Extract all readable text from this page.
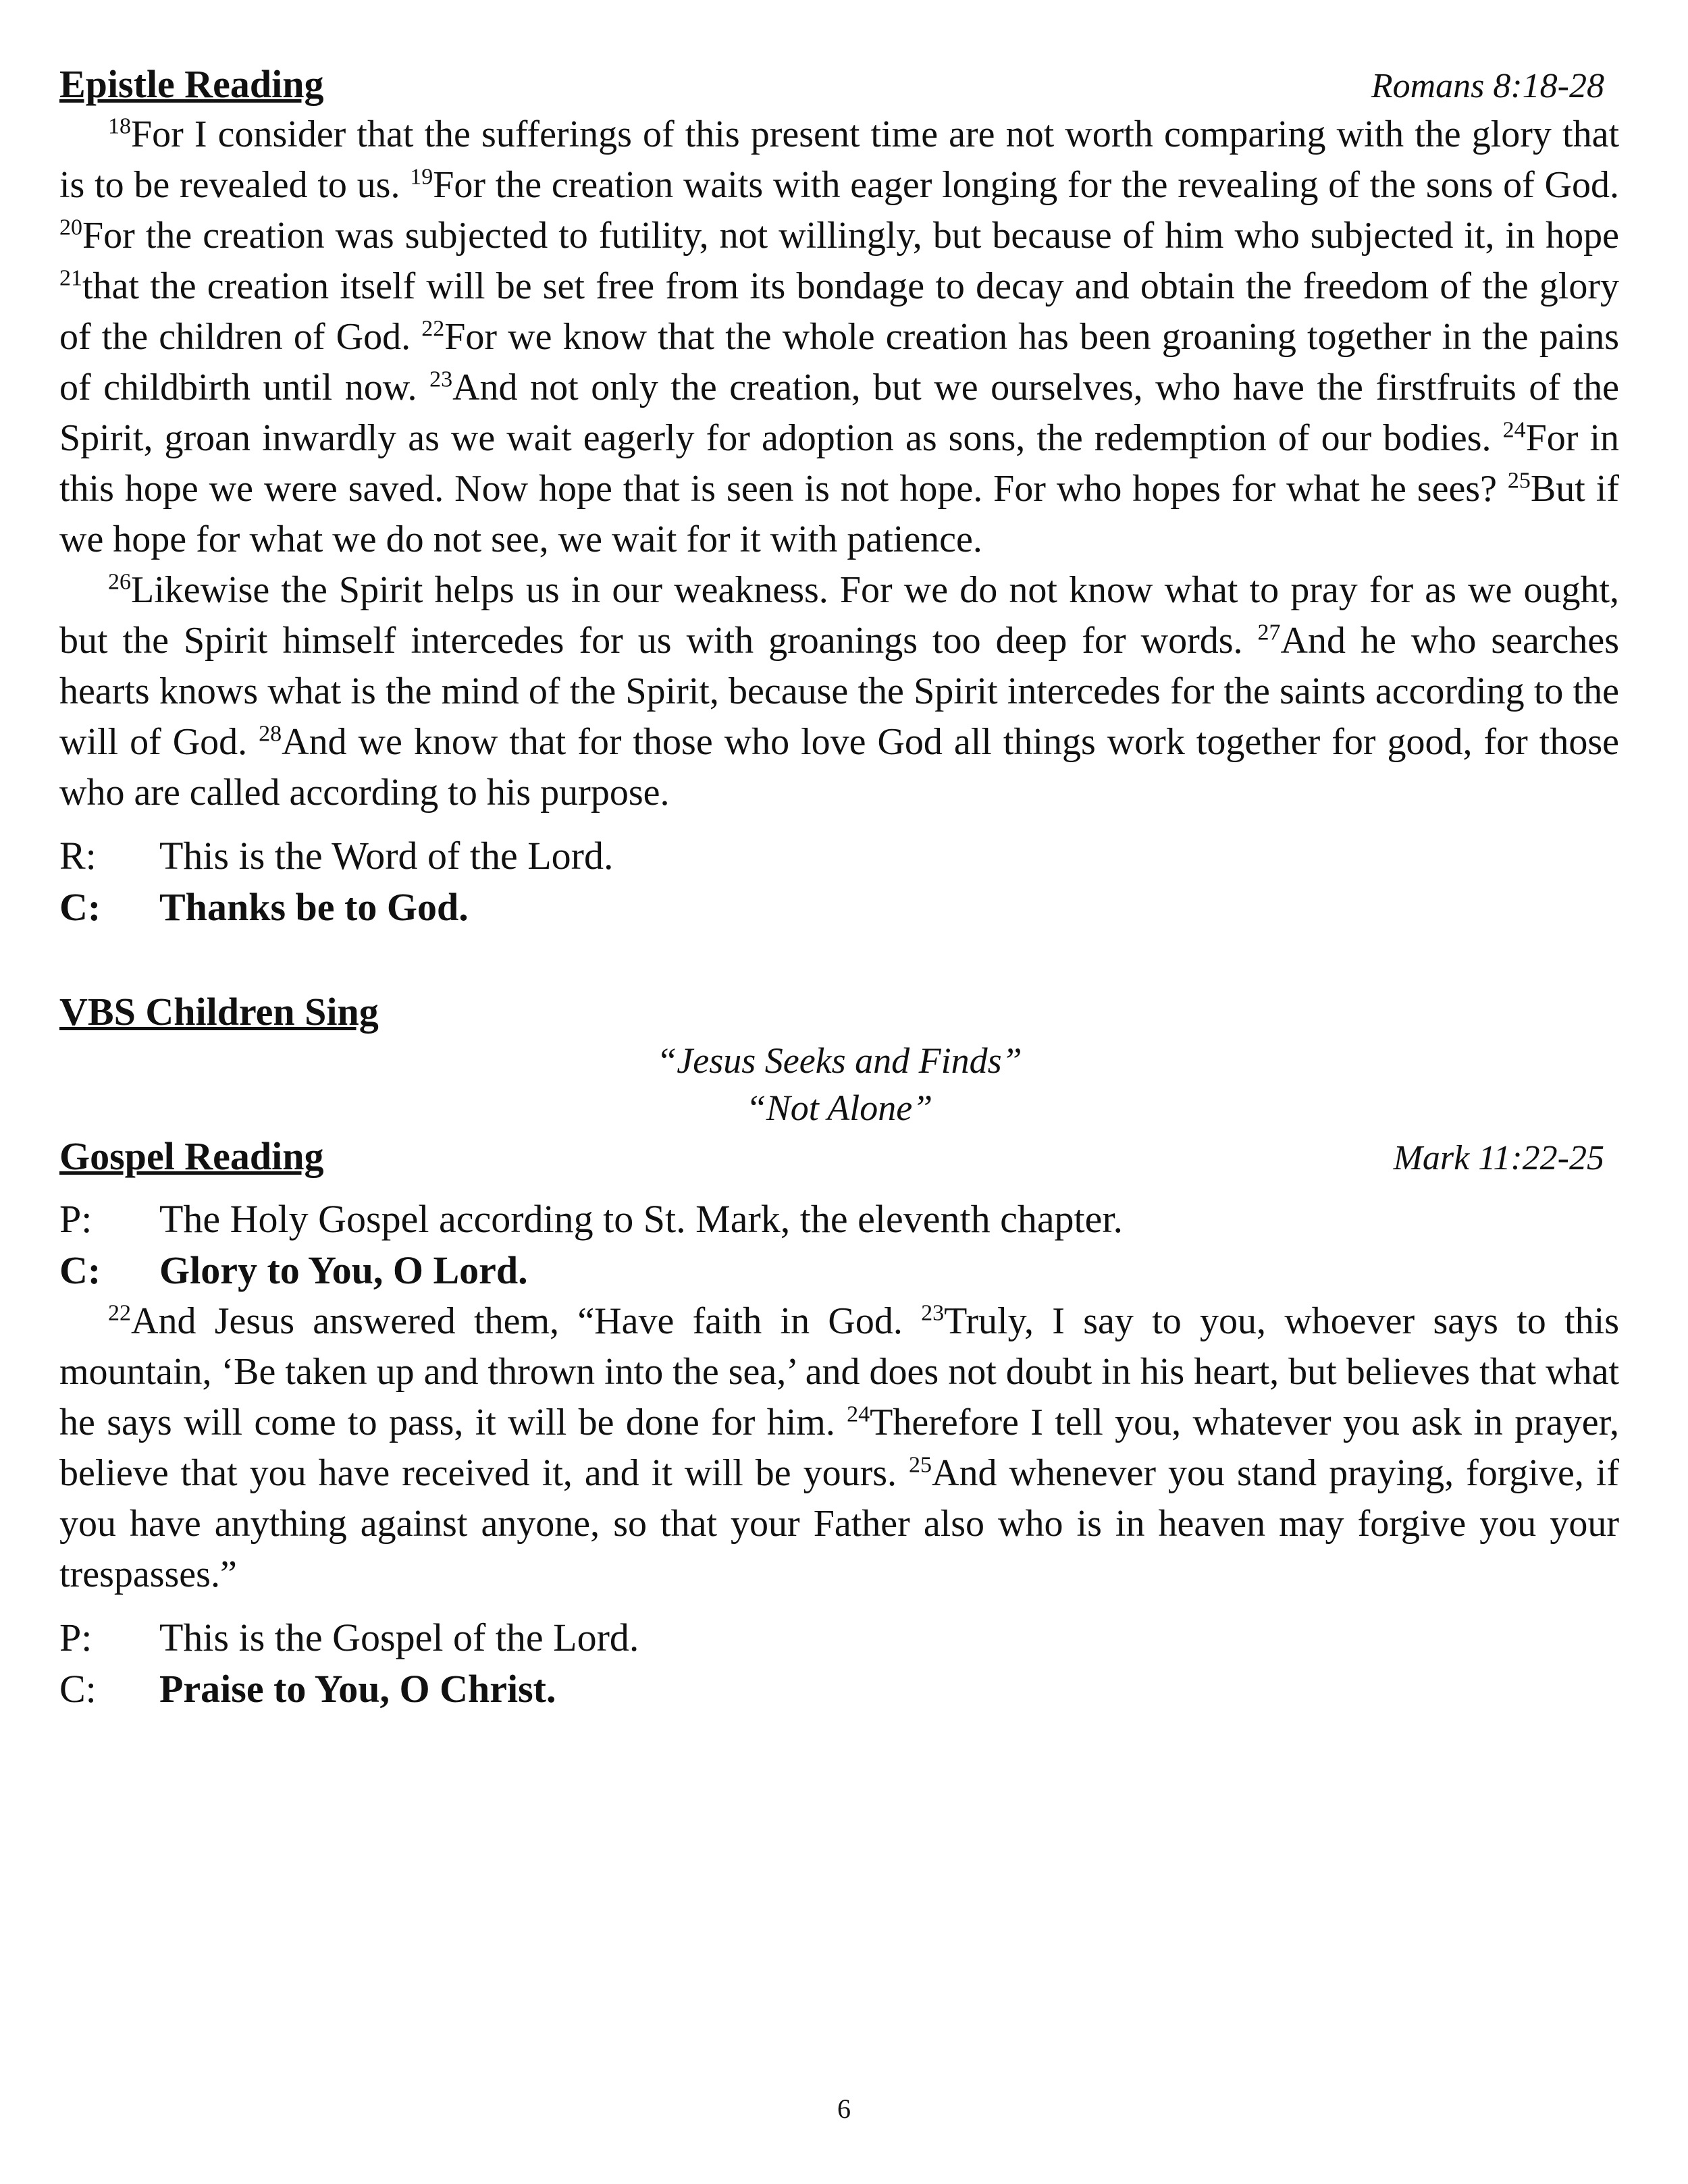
Epistle Reading	Romans 8:18-28

$^{18}$For I consider that the sufferings of this present time are not worth comparing with the glory that is to be revealed to us. $^{19}$For the creation waits with eager longing for the revealing of the sons of God. $^{20}$For the creation was subjected to futility, not willingly, but because of him who subjected it, in hope $^{21}$that the creation itself will be set free from its bondage to decay and obtain the freedom of the glory of the children of God. $^{22}$For we know that the whole creation has been groaning together in the pains of childbirth until now. $^{23}$And not only the creation, but we ourselves, who have the firstfruits of the Spirit, groan inwardly as we wait eagerly for adoption as sons, the redemption of our bodies. $^{24}$For in this hope we were saved. Now hope that is seen is not hope. For who hopes for what he sees? $^{25}$But if we hope for what we do not see, we wait for it with patience.

$^{26}$Likewise the Spirit helps us in our weakness. For we do not know what to pray for as we ought, but the Spirit himself intercedes for us with groanings too deep for words. $^{27}$And he who searches hearts knows what is the mind of the Spirit, because the Spirit intercedes for the saints according to the will of God. $^{28}$And we know that for those who love God all things work together for good, for those who are called according to his purpose.

R:	This is the Word of the Lord.
C:	Thanks be to God.
VBS Children Sing
“Jesus Seeks and Finds”
“Not Alone”
Gospel Reading	Mark 11:22-25
P:	The Holy Gospel according to St. Mark, the eleventh chapter.
C:	Glory to You, O Lord.

$^{22}$And Jesus answered them, “Have faith in God. $^{23}$Truly, I say to you, whoever says to this mountain, ‘Be taken up and thrown into the sea,’ and does not doubt in his heart, but believes that what he says will come to pass, it will be done for him. $^{24}$Therefore I tell you, whatever you ask in prayer, believe that you have received it, and it will be yours. $^{25}$And whenever you stand praying, forgive, if you have anything against anyone, so that your Father also who is in heaven may forgive you your trespasses.”

P:	This is the Gospel of the Lord.
C:	Praise to You, O Christ.
6
